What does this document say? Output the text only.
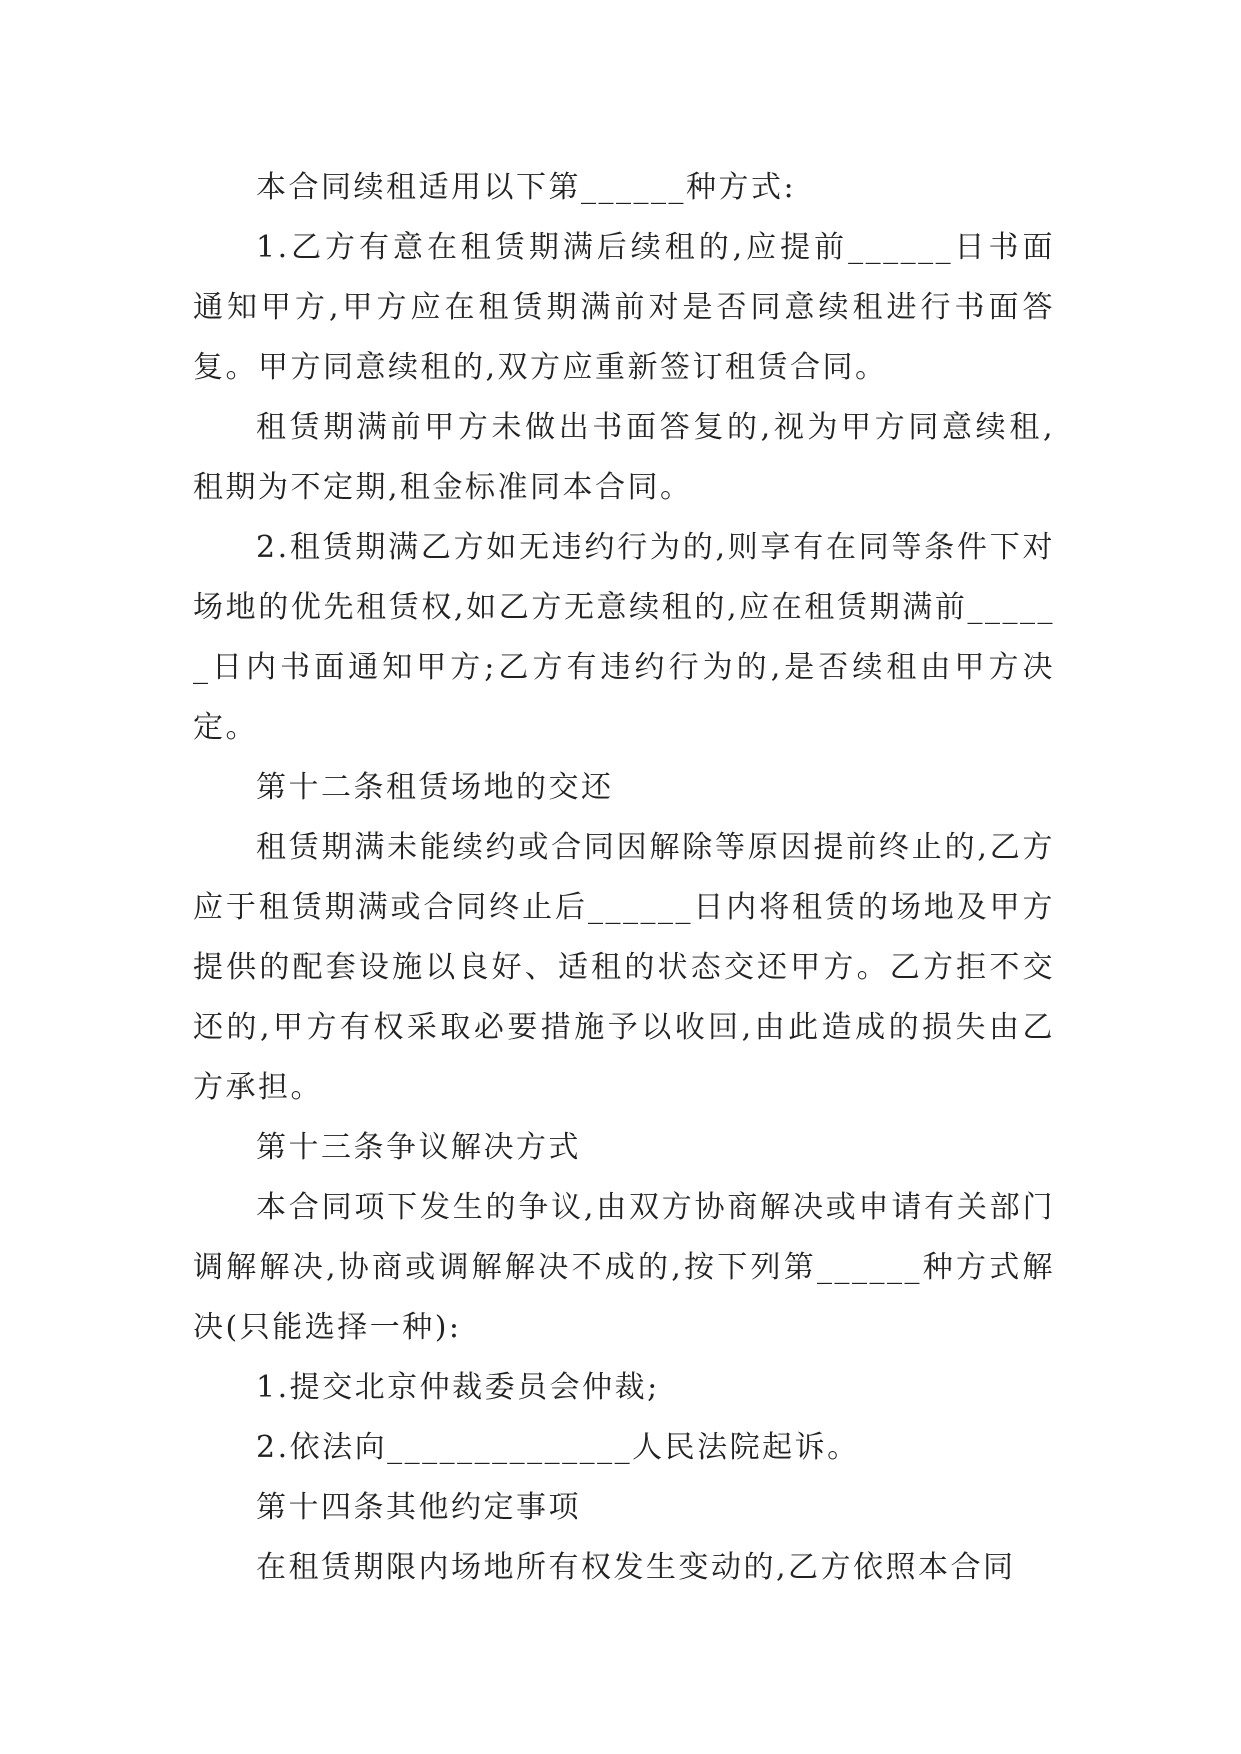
本合同续租适用以下第______种方式:

1.乙方有意在租赁期满后续租的,应提前______日书面通知甲方,甲方应在租赁期满前对是否同意续租进行书面答复。甲方同意续租的,双方应重新签订租赁合同。

租赁期满前甲方未做出书面答复的,视为甲方同意续租,租期为不定期,租金标准同本合同。

2.租赁期满乙方如无违约行为的,则享有在同等条件下对场地的优先租赁权,如乙方无意续租的,应在租赁期满前______日内书面通知甲方;乙方有违约行为的,是否续租由甲方决定。

第十二条租赁场地的交还

租赁期满未能续约或合同因解除等原因提前终止的,乙方应于租赁期满或合同终止后______日内将租赁的场地及甲方提供的配套设施以良好、适租的状态交还甲方。乙方拒不交还的,甲方有权采取必要措施予以收回,由此造成的损失由乙方承担。

第十三条争议解决方式

本合同项下发生的争议,由双方协商解决或申请有关部门调解解决,协商或调解解决不成的,按下列第______种方式解决(只能选择一种):

1.提交北京仲裁委员会仲裁;

2.依法向______________人民法院起诉。

第十四条其他约定事项

在租赁期限内场地所有权发生变动的,乙方依照本合同
